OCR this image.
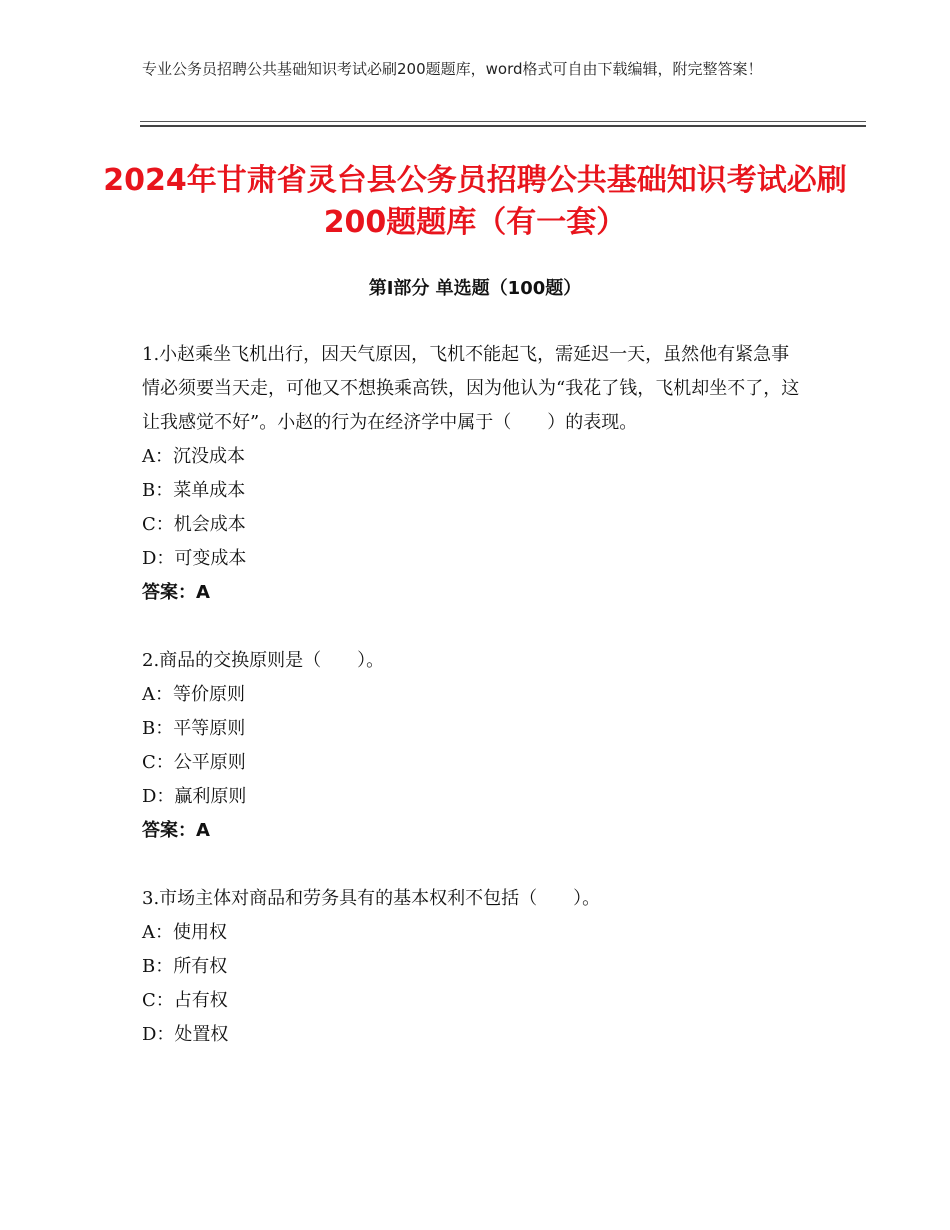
专业公务员招聘公共基础知识考试必刷200题题库，word格式可自由下载编辑，附完整答案！
2024年甘肃省灵台县公务员招聘公共基础知识考试必刷200题题库（有一套）
第Ⅰ部分 单选题（100题）

1.小赵乘坐飞机出行，因天气原因，飞机不能起飞，需延迟一天，虽然他有紧急事情必须要当天走，可他又不想换乘高铁，因为他认为“我花了钱，飞机却坐不了，这让我感觉不好”。小赵的行为在经济学中属于（　　）的表现。

A：沉没成本

B：菜单成本

C：机会成本

D：可变成本

答案：A

2.商品的交换原则是（　　）。

A：等价原则

B：平等原则

C：公平原则

D：赢利原则

答案：A

3.市场主体对商品和劳务具有的基本权利不包括（　　）。

A：使用权

B：所有权

C：占有权

D：处置权
